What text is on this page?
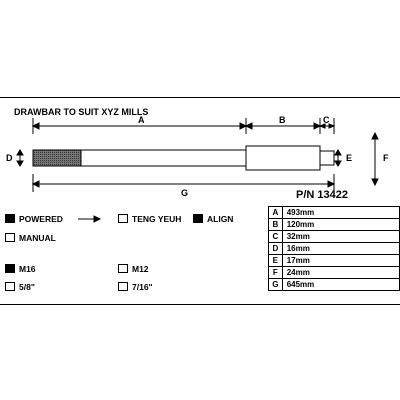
DRAWBAR TO SUIT XYZ MILLS
A	B	C
D	E	F
G	P/N 13422
POWERED	TENG YEUH	ALIGN
MANUAL
M16	M12
5/8"	7/16"
A	493mm
B	120mm
C	32mm
D	16mm
E	17mm
F	24mm
G	645mm
